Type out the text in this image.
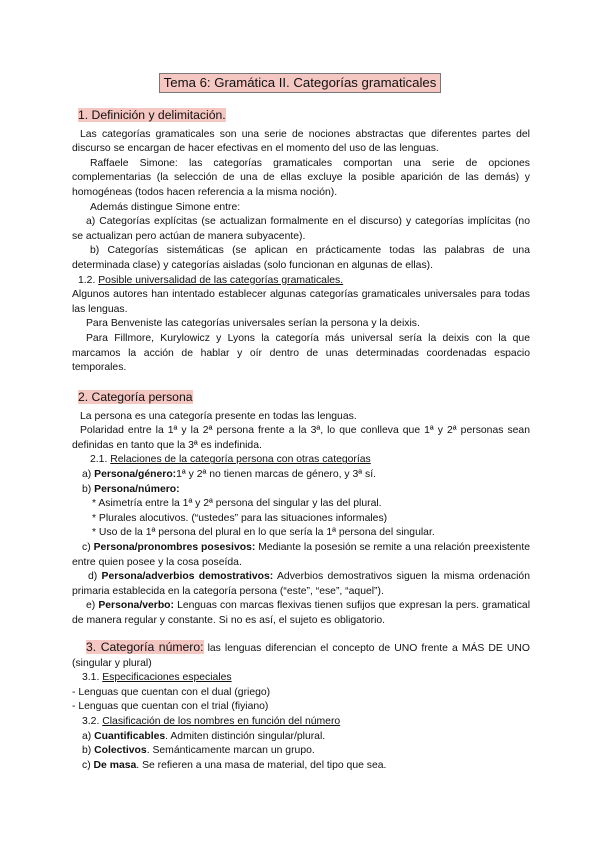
Tema 6: Gramática II. Categorías gramaticales

1. Definición y delimitación.

Las categorías gramaticales son una serie de nociones abstractas que diferentes partes del discurso se encargan de hacer efectivas en el momento del uso de las lenguas.

Raffaele Simone: las categorías gramaticales comportan una serie de opciones complementarias (la selección de una de ellas excluye la posible aparición de las demás) y homogéneas (todos hacen referencia a la misma noción).

Además distingue Simone entre:

a) Categorías explícitas (se actualizan formalmente en el discurso) y categorías implícitas (no se actualizan pero actúan de manera subyacente).

b) Categorías sistemáticas (se aplican en prácticamente todas las palabras de una determinada clase) y categorías aisladas (solo funcionan en algunas de ellas).

1.2. Posible universalidad de las categorías gramaticales.

Algunos autores han intentado establecer algunas categorías gramaticales universales para todas las lenguas.

Para Benveniste las categorías universales serían la persona y la deixis.

Para Fillmore, Kurylowicz y Lyons la categoría más universal sería la deixis con la que marcamos la acción de hablar y oír dentro de unas determinadas coordenadas espacio temporales.

2. Categoría persona

La persona es una categoría presente en todas las lenguas.

Polaridad entre la 1ª y la 2ª persona frente a la 3ª, lo que conlleva que 1ª y 2ª personas sean definidas en tanto que la 3ª es indefinida.

2.1. Relaciones de la categoría persona con otras categorías

a) Persona/género:1ª y 2ª no tienen marcas de género, y 3ª sí.

b) Persona/número:

* Asimetría entre la 1ª y 2ª persona del singular y las del plural.

* Plurales alocutivos. (“ustedes” para las situaciones informales)

* Uso de la 1ª persona del plural en lo que sería la 1ª persona del singular.

c) Persona/pronombres posesivos: Mediante la posesión se remite a una relación preexistente entre quien posee y la cosa poseída.

d) Persona/adverbios demostrativos: Adverbios demostrativos siguen la misma ordenación primaria establecida en la categoría persona (“este”, “ese”, “aquel”).

e) Persona/verbo: Lenguas con marcas flexivas tienen sufijos que expresan la pers. gramatical de manera regular y constante. Si no es así, el sujeto es obligatorio.

3. Categoría número: las lenguas diferencian el concepto de UNO frente a MÁS DE UNO (singular y plural)

3.1. Especificaciones especiales

- Lenguas que cuentan con el dual (griego)

- Lenguas que cuentan con el trial (fiyiano)

3.2. Clasificación de los nombres en función del número

a) Cuantificables. Admiten distinción singular/plural.

b) Colectivos. Semánticamente marcan un grupo.

c) De masa. Se refieren a una masa de material, del tipo que sea.
